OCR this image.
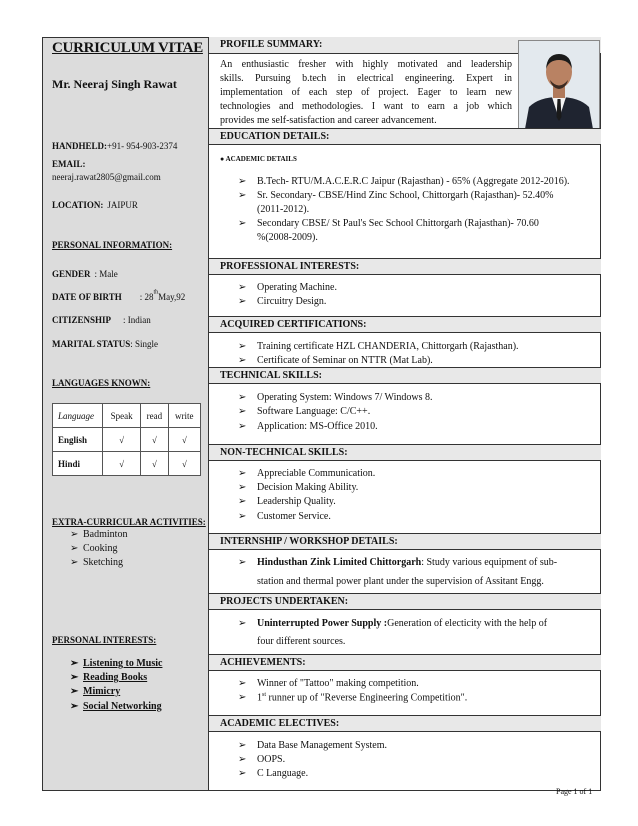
CURRICULUM VITAE
Mr. Neeraj Singh Rawat
HANDHELD:+91- 954-903-2374
EMAIL:
neeraj.rawat2805@gmail.com
LOCATION: JAIPUR
PERSONAL INFORMATION:
GENDER : Male
DATE OF BIRTH : 28thMay,92
CITIZENSHIP : Indian
MARITAL STATUS: Single
LANGUAGES KNOWN:
Language	Speak	read	write
English	√	√	√
Hindi	√	√	√
EXTRA-CURRICULAR ACTIVITIES:
➢ Badminton
➢ Cooking
➢ Sketching
PERSONAL INTERESTS:
➢ Listening to Music
➢ Reading Books
➢ Mimicry
➢ Social Networking
PROFILE SUMMARY:
An enthusiastic fresher with highly motivated and leadership
skills. Pursuing b.tech in electrical engineering. Expert in
implementation of each step of project. Eager to learn new
technologies and methodologies. I want to earn a job which
provides me self-satisfaction and career advancement.
EDUCATION DETAILS:
● ACADEMIC DETAILS
➢ B.Tech- RTU/M.A.C.E.R.C Jaipur (Rajasthan) - 65% (Aggregate 2012-2016).
➢ Sr. Secondary- CBSE/Hind Zinc School, Chittorgarh (Rajasthan)- 52.40%
(2011-2012).
➢ Secondary CBSE/ St Paul's Sec School Chittorgarh (Rajasthan)- 70.60
%(2008-2009).
PROFESSIONAL INTERESTS:
➢ Operating Machine.
➢ Circuitry Design.
ACQUIRED CERTIFICATIONS:
➢ Training certificate HZL CHANDERIA, Chittorgarh (Rajasthan).
➢ Certificate of Seminar on NTTR (Mat Lab).
TECHNICAL SKILLS:
➢ Operating System: Windows 7/ Windows 8.
➢ Software Language: C/C++.
➢ Application: MS-Office 2010.
NON-TECHNICAL SKILLS:
➢ Appreciable Communication.
➢ Decision Making Ability.
➢ Leadership Quality.
➢ Customer Service.
INTERNSHIP / WORKSHOP DETAILS:
➢ Hindusthan Zink Limited Chittorgarh: Study various equipment of sub-
station and thermal power plant under the supervision of Assitant Engg.
PROJECTS UNDERTAKEN:
➢ Uninterrupted Power Supply :Generation of electicity with the help of
four different sources.
ACHIEVEMENTS:
➢ Winner of "Tattoo" making competition.
➢ 1st runner up of "Reverse Engineering Competition".
ACADEMIC ELECTIVES:
➢ Data Base Management System.
➢ OOPS.
➢ C Language.
Page 1 of 1
